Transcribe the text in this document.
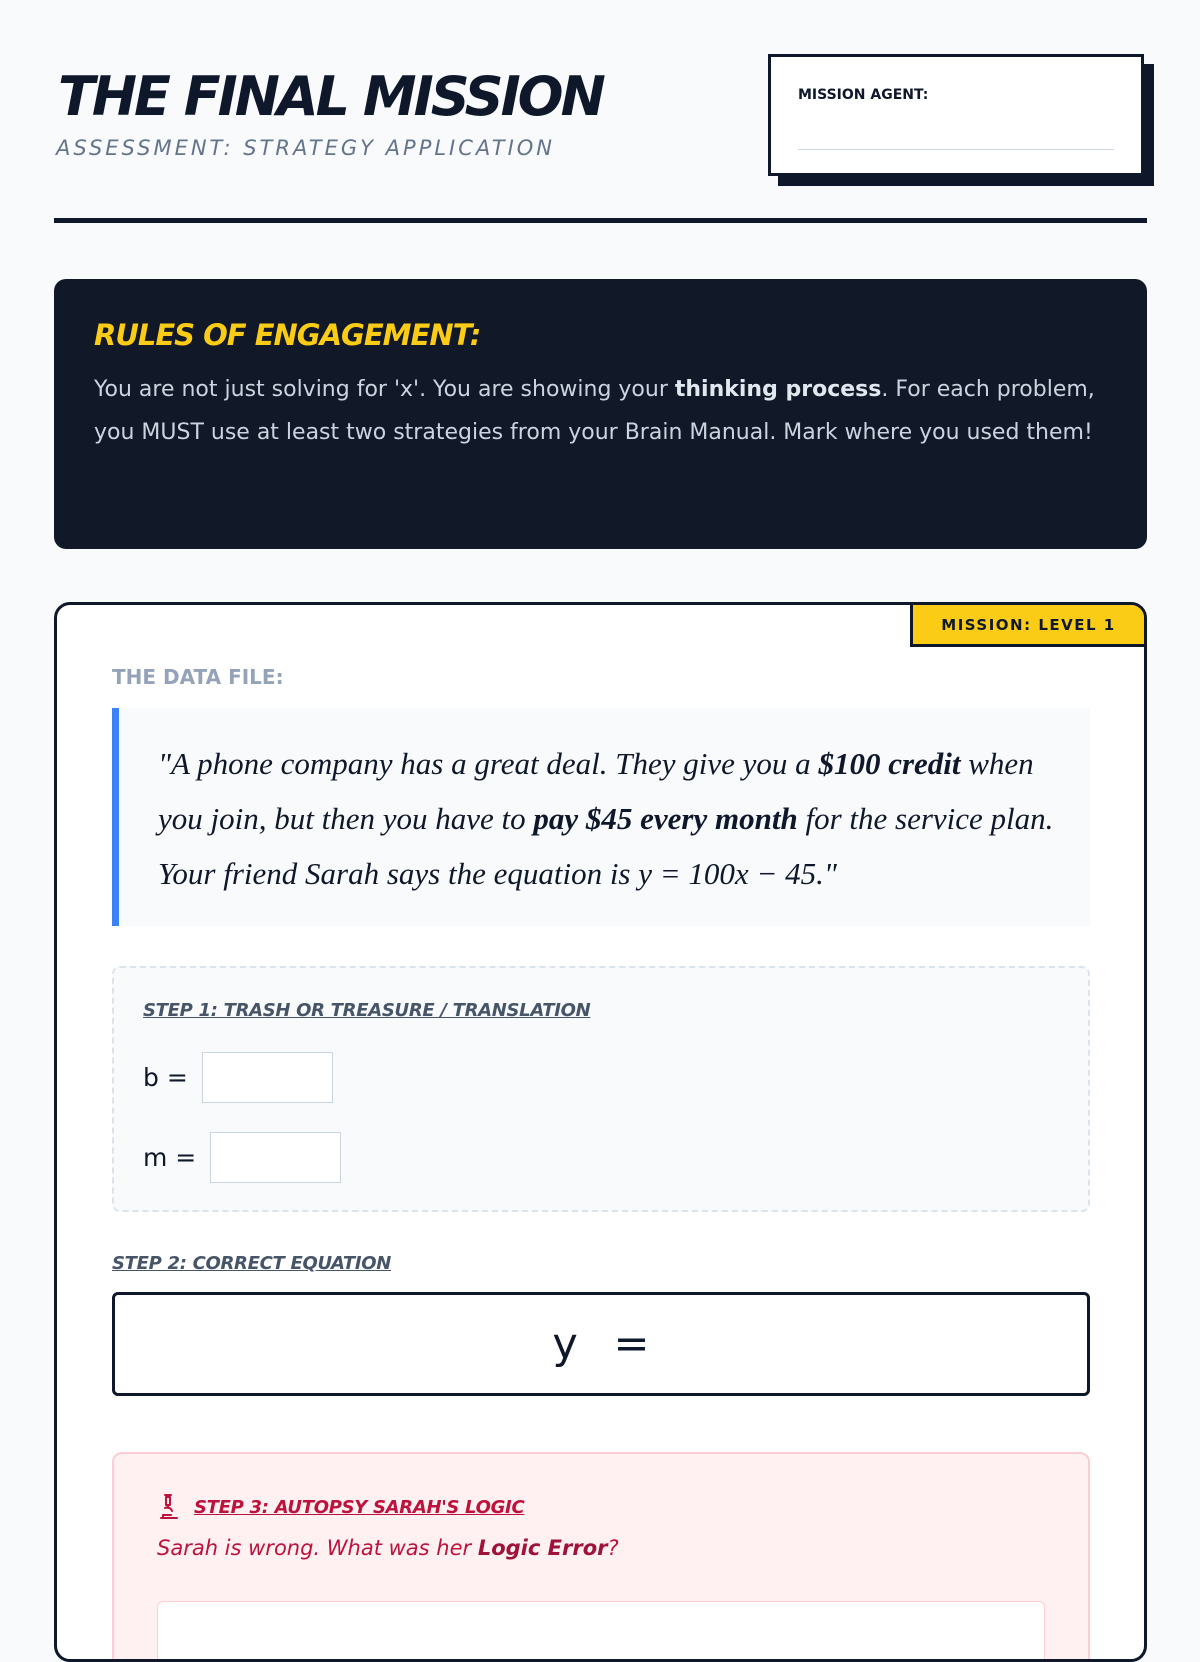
THE FINAL MISSION

ASSESSMENT: STRATEGY APPLICATION

MISSION AGENT:
RULES OF ENGAGEMENT:

You are not just solving for 'x'. You are showing your thinking process. For each problem, you MUST use at least two strategies from your Brain Manual. Mark where you used them!

MISSION: LEVEL 1
THE DATA FILE:

"A phone company has a great deal. They give you a $100 credit when you join, but then you have to pay $45 every month for the service plan. Your friend Sarah says the equation is y = 100x − 45."

STEP 1: TRASH OR TREASURE / TRANSLATION
b =
m =
STEP 2: CORRECT EQUATION
y =
STEP 3: AUTOPSY SARAH'S LOGIC

Sarah is wrong. What was her Logic Error?
